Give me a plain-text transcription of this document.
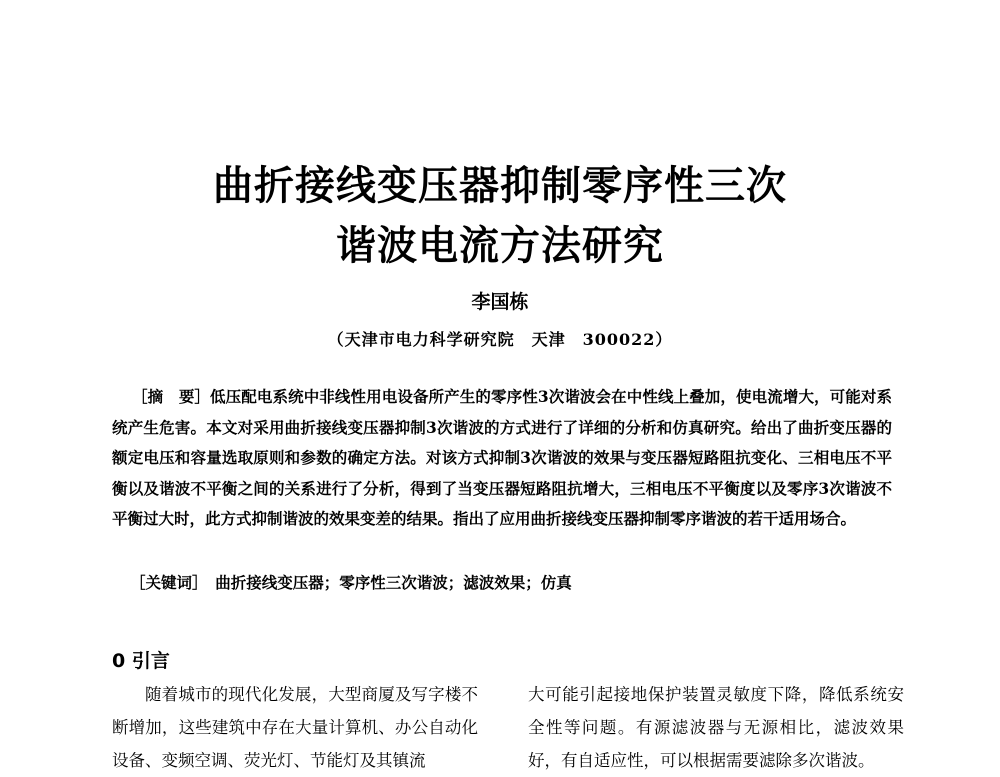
曲折接线变压器抑制零序性三次
谐波电流方法研究
李国栋
（天津市电力科学研究院　天津　300022）

［摘　要］低压配电系统中非线性用电设备所产生的零序性3次谐波会在中性线上叠加，使电流增大，可能对系统产生危害。本文对采用曲折接线变压器抑制3次谐波的方式进行了详细的分析和仿真研究。给出了曲折变压器的额定电压和容量选取原则和参数的确定方法。对该方式抑制3次谐波的效果与变压器短路阻抗变化、三相电压不平衡以及谐波不平衡之间的关系进行了分析，得到了当变压器短路阻抗增大，三相电压不平衡度以及零序3次谐波不平衡过大时，此方式抑制谐波的效果变差的结果。指出了应用曲折接线变压器抑制零序谐波的若干适用场合。

［关键词］　 曲折接线变压器；零序性三次谐波；滤波效果；仿真

0 引言

随着城市的现代化发展，大型商厦及写字楼不断增加，这些建筑中存在大量计算机、办公自动化设备、变频空调、荧光灯、节能灯及其镇流

大可能引起接地保护装置灵敏度下降，降低系统安全性等问题。有源滤波器与无源相比，滤波效果好，有自适应性，可以根据需要滤除多次谐波。
